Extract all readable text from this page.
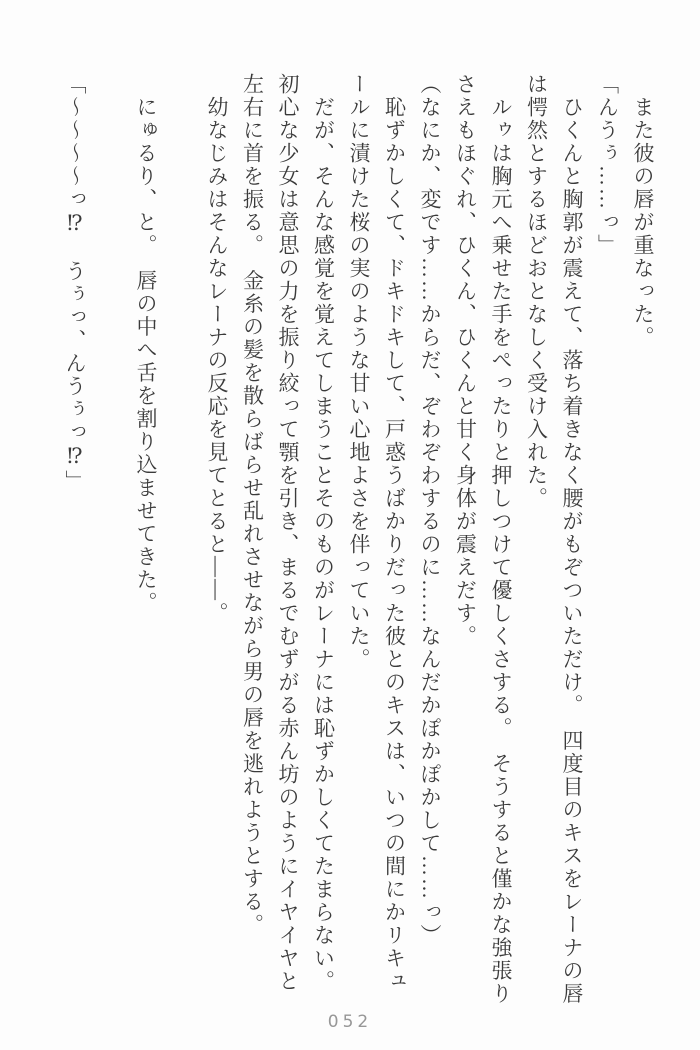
また彼の唇が重なった。

「んうぅ……っ」

ひくんと胸郭が震えて、落ち着きなく腰がもぞついただけ。　四度目のキスをレーナの唇

は愕然とするほどおとなしく受け入れた。

ルゥは胸元へ乗せた手をぺったりと押しつけて優しくさする。　そうすると僅かな強張り

さえもほぐれ、ひくん、ひくんと甘く身体が震えだす。

（なにか、変です……からだ、ぞわぞわするのに……なんだかぽかぽかして……っ）

恥ずかしくて、ドキドキして、戸惑うばかりだった彼とのキスは、いつの間にかリキュ

ールに漬けた桜の実のような甘い心地よさを伴っていた。

だが、そんな感覚を覚えてしまうことそのものがレーナには恥ずかしくてたまらない。

初心な少女は意思の力を振り絞って顎を引き、まるでむずがる赤ん坊のようにイヤイヤと

左右に首を振る。　金糸の髪を散らばらせ乱れさせながら男の唇を逃れようとする。

幼なじみはそんなレーナの反応を見てとると――。

にゅるり、と。　唇の中へ舌を割り込ませてきた。

「～～～～っ⁉　うぅっ、んうぅっ⁉」

052
